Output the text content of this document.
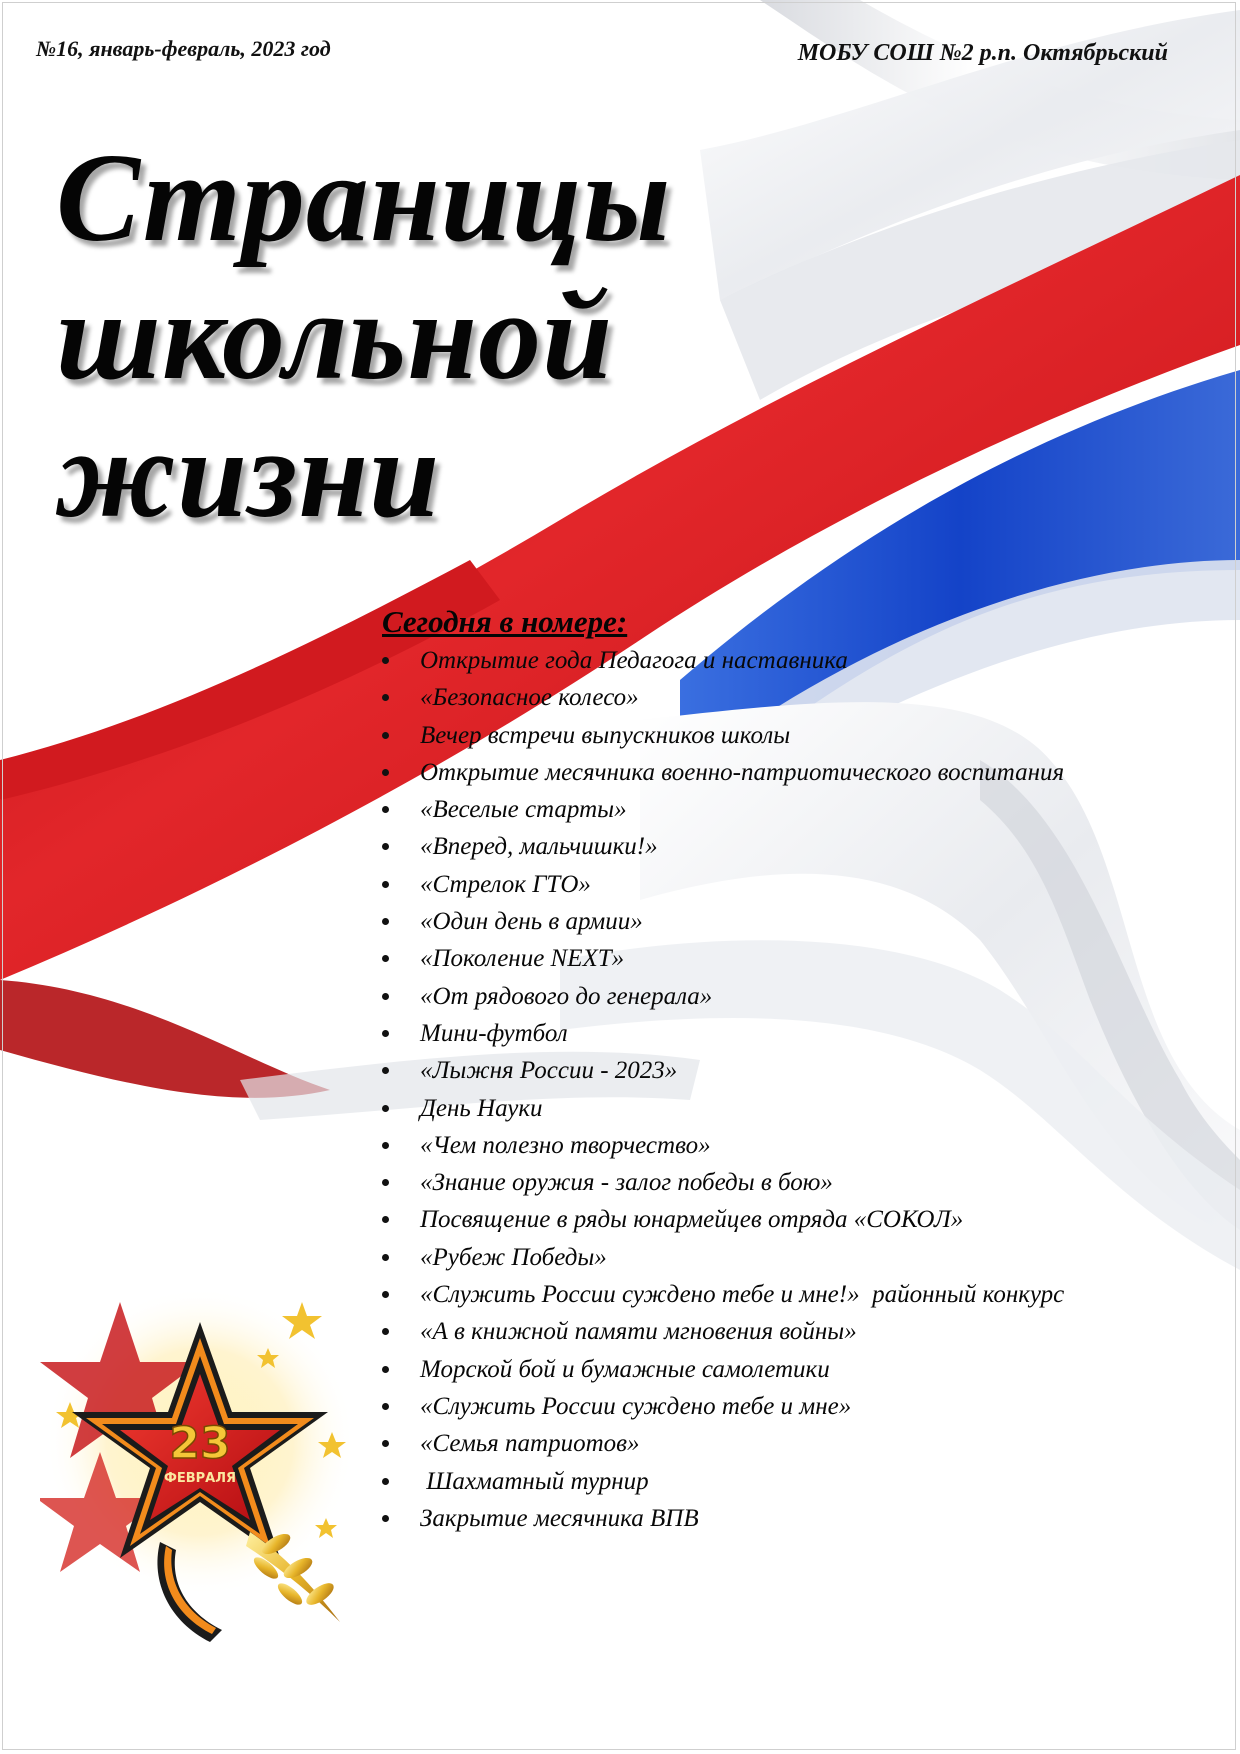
№16, январь-февраль, 2023 год	МОБУ СОШ №2 р.п. Октябрьский
Страницы
школьной
жизни
Сегодня в номере:
Открытие года Педагога и наставника
«Безопасное колесо»
Вечер встречи выпускников школы
Открытие месячника военно-патриотического воспитания
«Веселые старты»
«Вперед, мальчишки!»
«Стрелок ГТО»
«Один день в армии»
«Поколение NEXT»
«От рядового до генерала»
Мини-футбол
«Лыжня России - 2023»
День Науки
«Чем полезно творчество»
«Знание оружия - залог победы в бою»
Посвящение в ряды юнармейцев отряда «СОКОЛ»
«Рубеж Победы»
«Служить России суждено тебе и мне!»  районный конкурс
«А в книжной памяти мгновения войны»
Морской бой и бумажные самолетики
«Служить России суждено тебе и мне»
«Семья патриотов»
Шахматный турнир
Закрытие месячника ВПВ
23
ФЕВРАЛЯ
